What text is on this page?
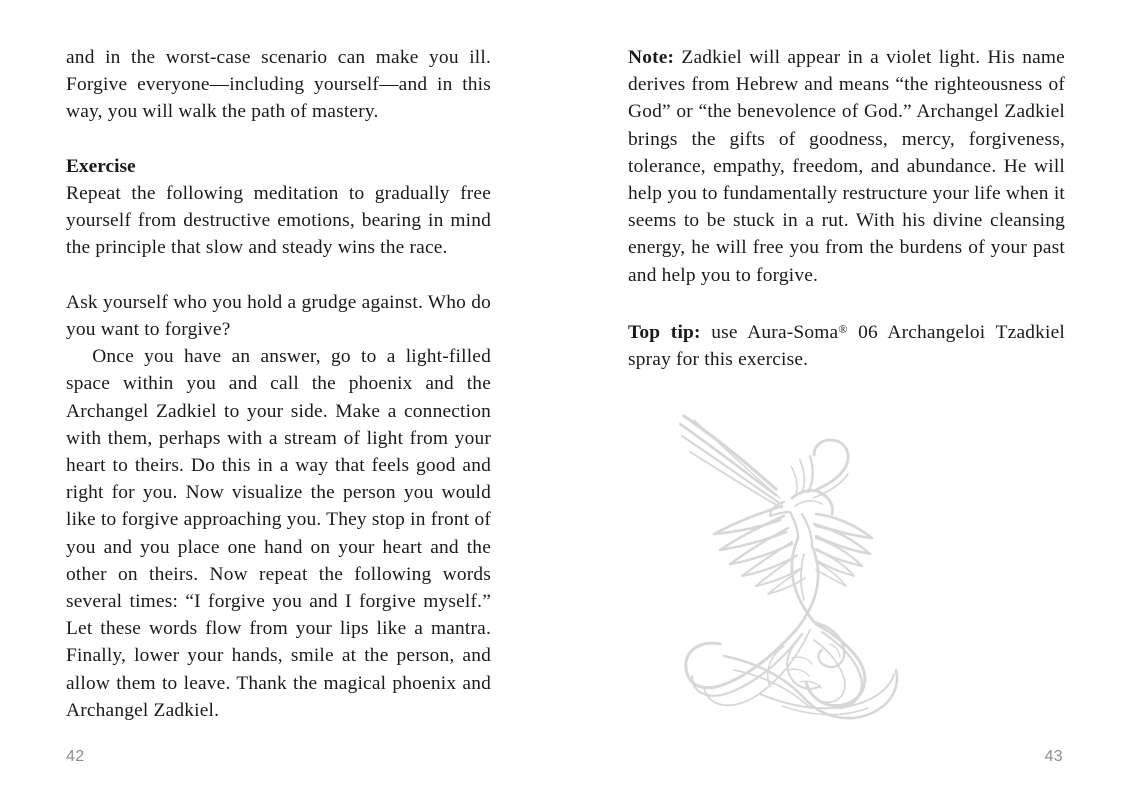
and in the worst-case scenario can make you ill. Forgive everyone—including yourself—and in this way, you will walk the path of mastery.

Exercise

Repeat the following meditation to gradually free yourself from destructive emotions, bearing in mind the principle that slow and steady wins the race.

Ask yourself who you hold a grudge against. Who do you want to forgive?

Once you have an answer, go to a light-filled space within you and call the phoenix and the Archangel Zadkiel to your side. Make a connection with them, perhaps with a stream of light from your heart to theirs. Do this in a way that feels good and right for you. Now visualize the person you would like to forgive approaching you. They stop in front of you and you place one hand on your heart and the other on theirs. Now repeat the following words several times: “I forgive you and I forgive myself.” Let these words flow from your lips like a mantra. Finally, lower your hands, smile at the person, and allow them to leave. Thank the magical phoenix and Archangel Zadkiel.

Note: Zadkiel will appear in a violet light. His name derives from Hebrew and means “the righteousness of God” or “the benevolence of God.” Archangel Zadkiel brings the gifts of goodness, mercy, forgiveness, tolerance, empathy, freedom, and abundance. He will help you to fundamentally restructure your life when it seems to be stuck in a rut. With his divine cleansing energy, he will free you from the burdens of your past and help you to forgive.

Top tip: use Aura-Soma® 06 Archangeloi Tzadkiel spray for this exercise.

42	43
